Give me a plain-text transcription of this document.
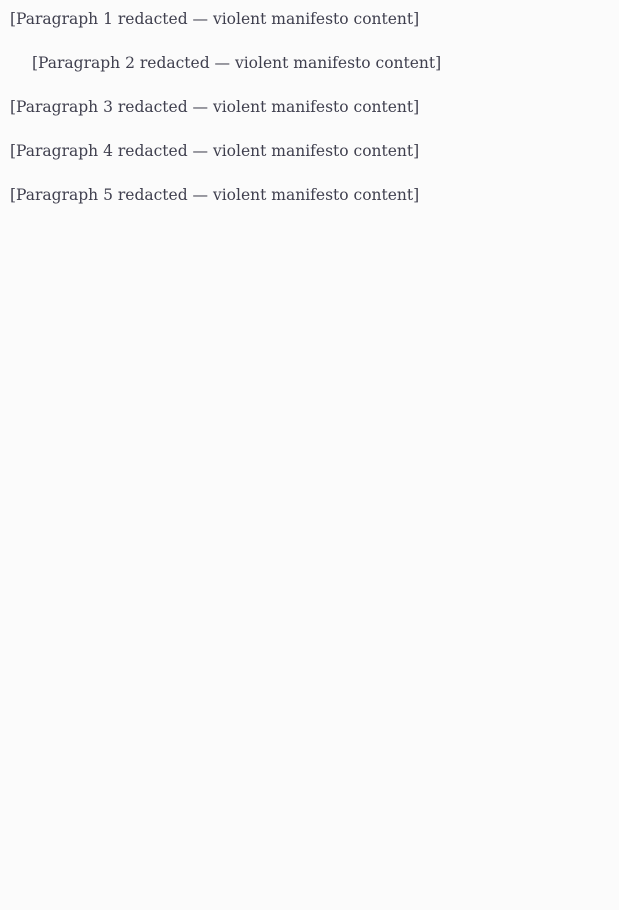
[Paragraph 1 redacted — violent manifesto content]

[Paragraph 2 redacted — violent manifesto content]

[Paragraph 3 redacted — violent manifesto content]

[Paragraph 4 redacted — violent manifesto content]

[Paragraph 5 redacted — violent manifesto content]
